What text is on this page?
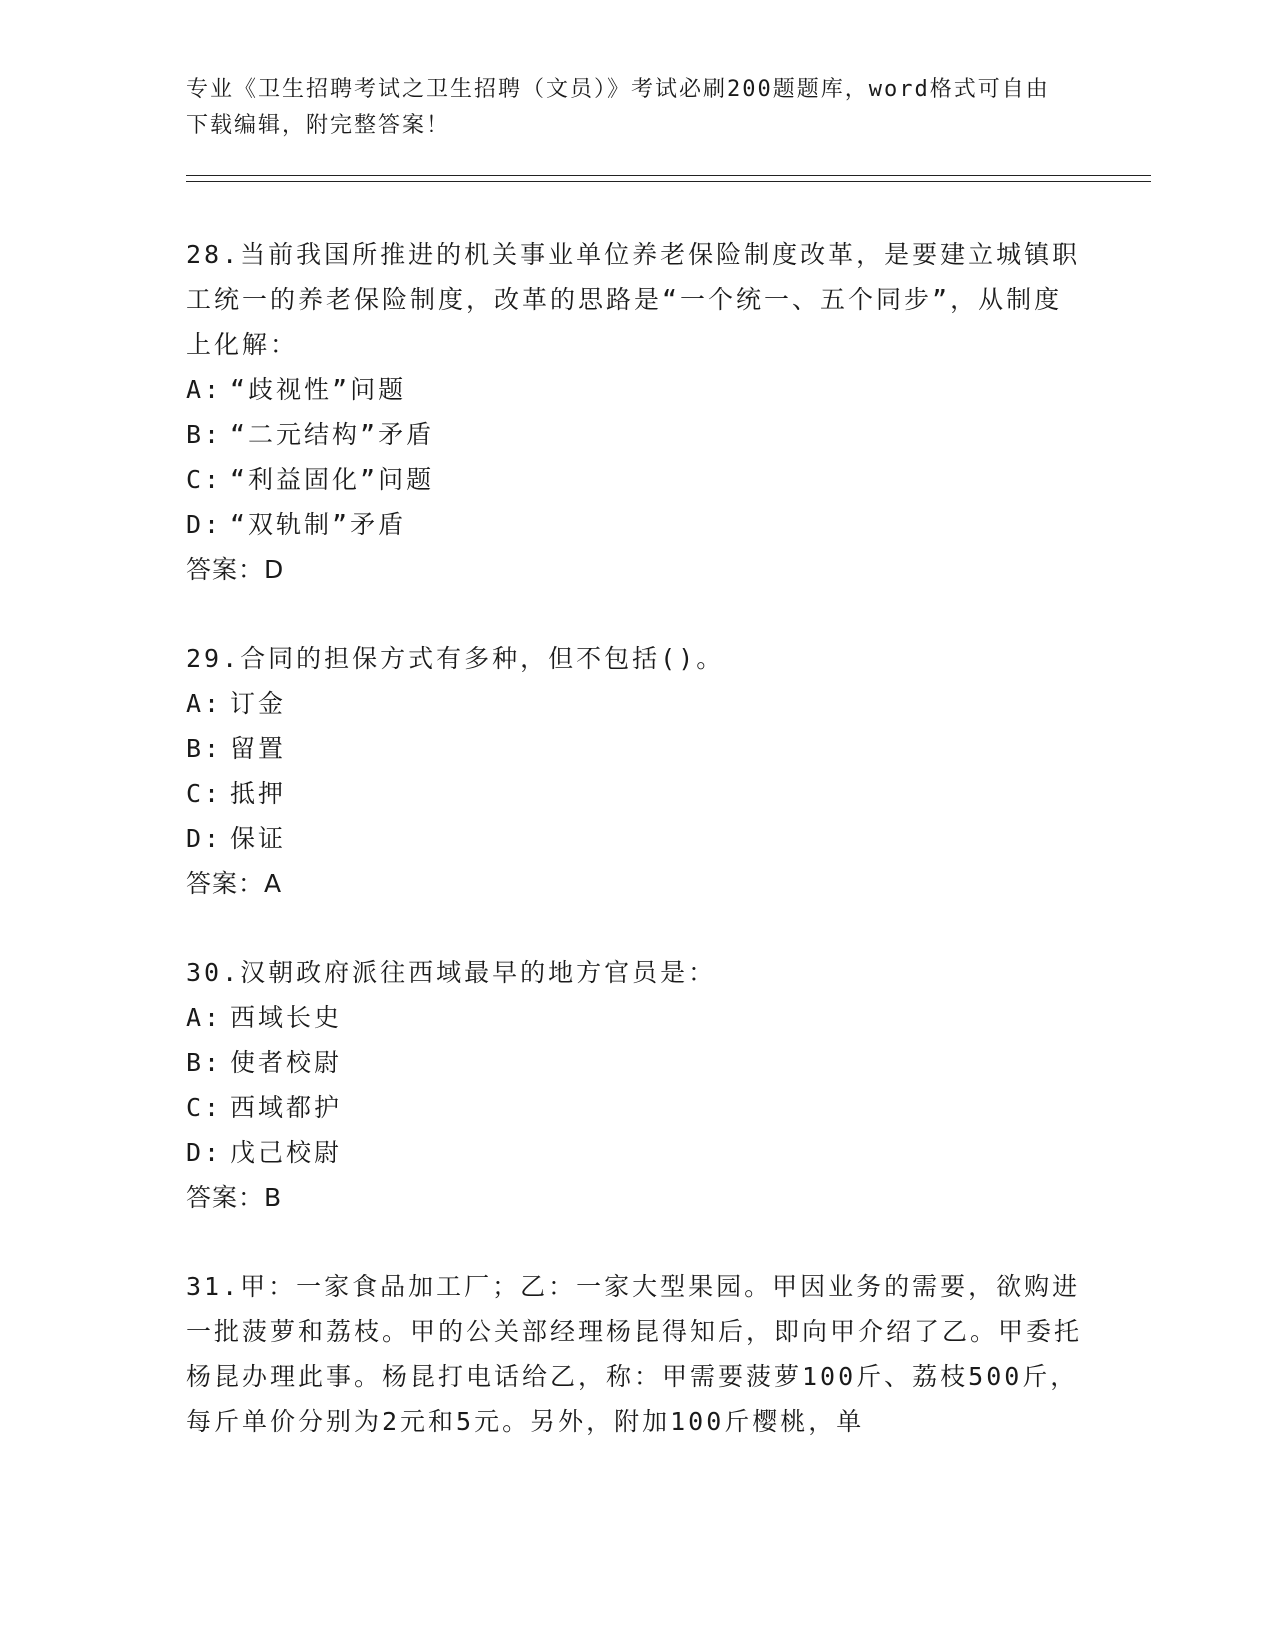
专业《卫生招聘考试之卫生招聘（文员）》考试必刷200题题库，word格式可自由下载编辑，附完整答案！
28.当前我国所推进的机关事业单位养老保险制度改革，是要建立城镇职工统一的养老保险制度，改革的思路是“一个统一、五个同步”，从制度上化解：
A: “歧视性”问题
B: “二元结构”矛盾
C: “利益固化”问题
D: “双轨制”矛盾
答案：D
29.合同的担保方式有多种，但不包括()。
A: 订金
B: 留置
C: 抵押
D: 保证
答案：A
30.汉朝政府派往西域最早的地方官员是：
A: 西域长史
B: 使者校尉
C: 西域都护
D: 戊己校尉
答案：B
31.甲：一家食品加工厂；乙：一家大型果园。甲因业务的需要，欲购进一批菠萝和荔枝。甲的公关部经理杨昆得知后，即向甲介绍了乙。甲委托杨昆办理此事。杨昆打电话给乙，称：甲需要菠萝100斤、荔枝500斤，每斤单价分别为2元和5元。另外，附加100斤樱桃，单
